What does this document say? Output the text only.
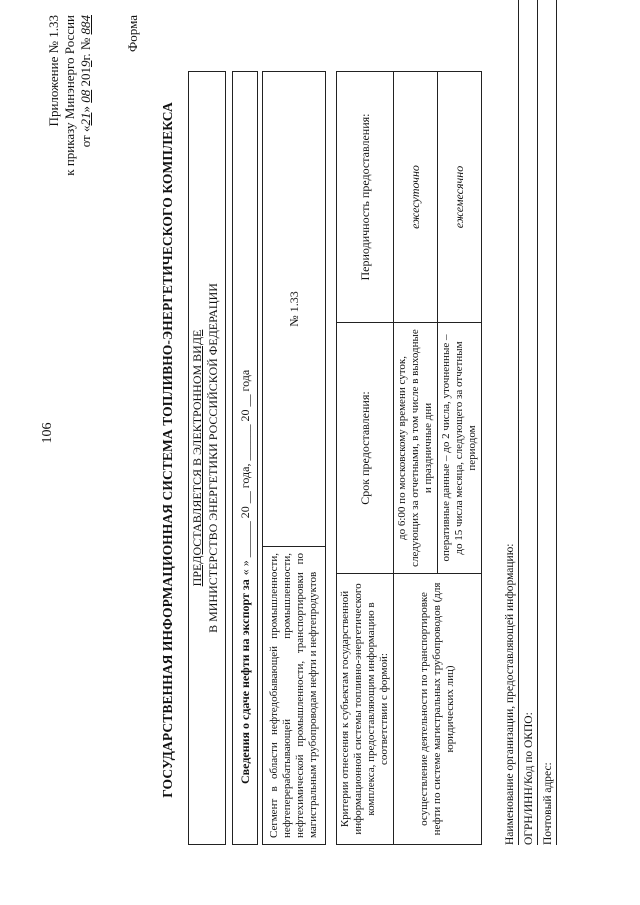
106
Приложение № 1.33 к приказу Минэнерго России от «21» 08 2019г. № 884 Форма
ГОСУДАРСТВЕННАЯ ИНФОРМАЦИОННАЯ СИСТЕМА ТОПЛИВНО-ЭНЕРГЕТИЧЕСКОГО КОМПЛЕКСА ПРЕДОСТАВЛЯЕТСЯ В ЭЛЕКТРОННОМ ВИДЕ В МИНИСТЕРСТВО ЭНЕРГЕТИКИ РОССИЙСКОЙ ФЕДЕРАЦИИ
Сведения о сдаче нефти на экспорт за
« » ______ 20 __ года, ______ 20 __ года
Сегмент в области нефтедобывающей промышленности, нефтеперерабатывающей промышленности, нефтехимической промышленности, транспортировки по магистральным трубопроводам нефти и нефтепродуктов	№ 1.33
Критерии отнесения к субъектам государственной информационной системы топливно-энергетического комплекса, предоставляющим информацию в соответствии с формой:	Срок предоставления:	Периодичность предоставления:
осуществление деятельности по транспортировке нефти по системе магистральных трубопроводов (для юридических лиц)	до 6:00 по московскому времени суток, следующих за отчетными, в том числе в выходные и праздничные дни	ежесуточно
	оперативные данные – до 2 числа, уточненные – до 15 числа месяца, следующего за отчетным периодом	ежемесячно
Наименование организации, предоставляющей информацию: ОГРН/ИНН/Код по ОКПО: Почтовый адрес:
